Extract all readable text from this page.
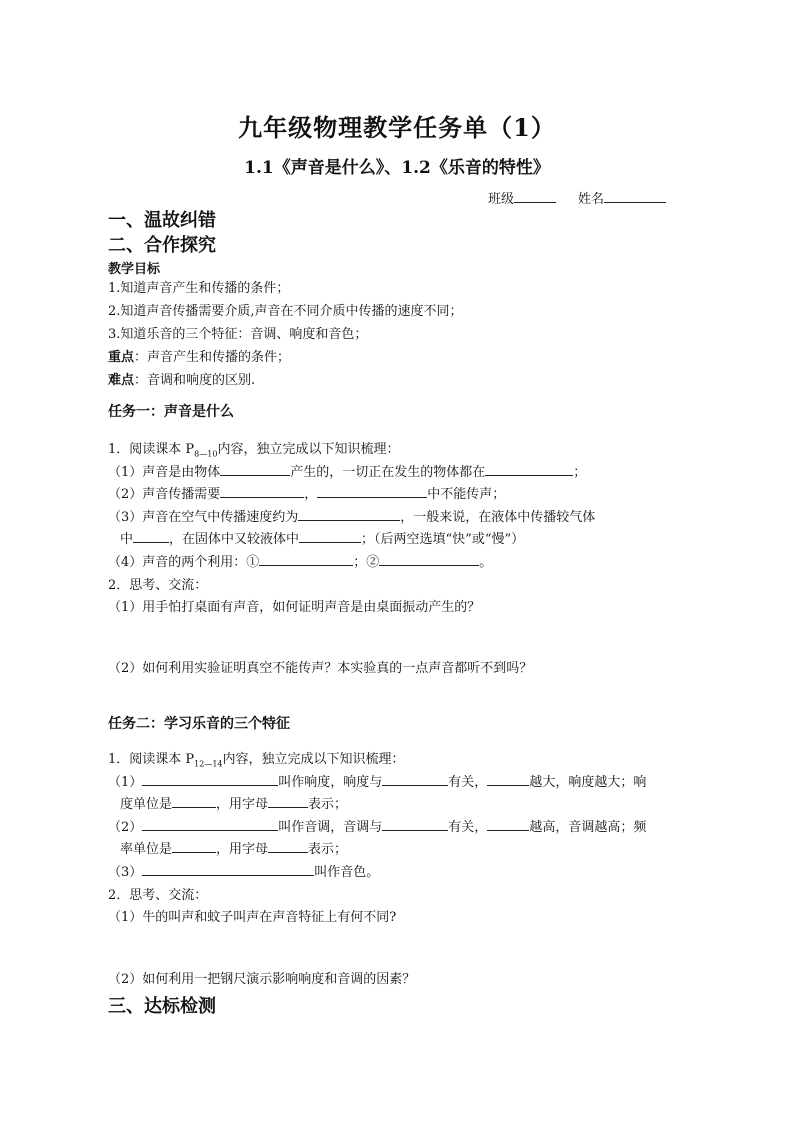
九年级物理教学任务单（1）
1.1《声音是什么》、1.2《乐音的特性》
班级	姓名
一、温故纠错
二、合作探究
教学目标
1.知道声音产生和传播的条件；
2.知道声音传播需要介质,声音在不同介质中传播的速度不同；
3.知道乐音的三个特征：音调、响度和音色；
重点：声音产生和传播的条件；
难点：音调和响度的区别.
任务一：声音是什么
1．阅读课本 $P_{8—10}$内容，独立完成以下知识梳理：
（1）声音是由物体	产生的，一切正在发生的物体都在	；
（2）声音传播需要	，	中不能传声；
（3）声音在空气中传播速度约为	，一般来说，在液体中传播较气体
中	，在固体中又较液体中	；（后两空选填“快”或“慢”）
（4）声音的两个利用：①	；②	。
2．思考、交流：
（1）用手怕打桌面有声音，如何证明声音是由桌面振动产生的？
（2）如何利用实验证明真空不能传声？本实验真的一点声音都听不到吗？
任务二：学习乐音的三个特征
1．阅读课本 $P_{12—14}$内容，独立完成以下知识梳理：
（1）	叫作响度，响度与	有关，	越大，响度越大；响
度单位是	，用字母	表示；
（2）	叫作音调，音调与	有关，	越高，音调越高；频
率单位是	，用字母	表示；
（3）	叫作音色。
2．思考、交流：
（1）牛的叫声和蚊子叫声在声音特征上有何不同?
（2）如何利用一把钢尺演示影响响度和音调的因素？
三、达标检测
